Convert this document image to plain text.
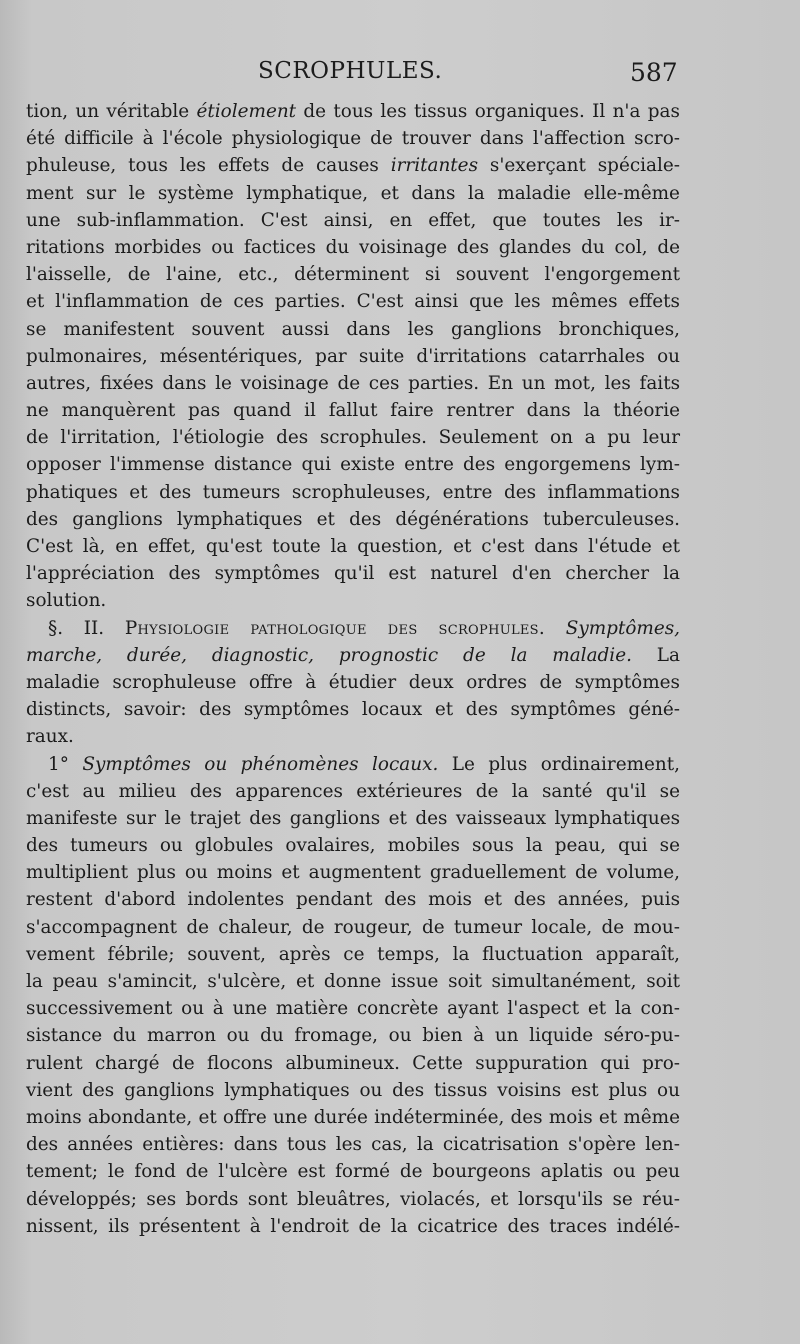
SCROPHULES.	587
tion, un véritable étiolement de tous les tissus organiques. Il n'a pas
été difficile à l'école physiologique de trouver dans l'affection scro-
phuleuse, tous les effets de causes irritantes s'exerçant spéciale-
ment sur le système lymphatique, et dans la maladie elle-même
une sub-inflammation. C'est ainsi, en effet, que toutes les ir-
ritations morbides ou factices du voisinage des glandes du col, de
l'aisselle, de l'aine, etc., déterminent si souvent l'engorgement
et l'inflammation de ces parties. C'est ainsi que les mêmes effets
se manifestent souvent aussi dans les ganglions bronchiques,
pulmonaires, mésentériques, par suite d'irritations catarrhales ou
autres, fixées dans le voisinage de ces parties. En un mot, les faits
ne manquèrent pas quand il fallut faire rentrer dans la théorie
de l'irritation, l'étiologie des scrophules. Seulement on a pu leur
opposer l'immense distance qui existe entre des engorgemens lym-
phatiques et des tumeurs scrophuleuses, entre des inflammations
des ganglions lymphatiques et des dégénérations tuberculeuses.
C'est là, en effet, qu'est toute la question, et c'est dans l'étude et
l'appréciation des symptômes qu'il est naturel d'en chercher la
solution.
§. II. Physiologie pathologique des scrophules.
Symptômes,
marche, durée, diagnostic, prognostic de la maladie. La
maladie scrophuleuse offre à étudier deux ordres de symptômes
distincts, savoir: des symptômes locaux et des symptômes géné-
raux.
1° Symptômes ou phénomènes locaux. Le plus ordinairement,
c'est au milieu des apparences extérieures de la santé qu'il se
manifeste sur le trajet des ganglions et des vaisseaux lymphatiques
des tumeurs ou globules ovalaires, mobiles sous la peau, qui se
multiplient plus ou moins et augmentent graduellement de volume,
restent d'abord indolentes pendant des mois et des années, puis
s'accompagnent de chaleur, de rougeur, de tumeur locale, de mou-
vement fébrile; souvent, après ce temps, la fluctuation apparaît,
la peau s'amincit, s'ulcère, et donne issue soit simultanément, soit
successivement ou à une matière concrète ayant l'aspect et la con-
sistance du marron ou du fromage, ou bien à un liquide séro-pu-
rulent chargé de flocons albumineux. Cette suppuration qui pro-
vient des ganglions lymphatiques ou des tissus voisins est plus ou
moins abondante, et offre une durée indéterminée, des mois et même
des années entières: dans tous les cas, la cicatrisation s'opère len-
tement; le fond de l'ulcère est formé de bourgeons aplatis ou peu
développés; ses bords sont bleuâtres, violacés, et lorsqu'ils se réu-
nissent, ils présentent à l'endroit de la cicatrice des traces indélé-
